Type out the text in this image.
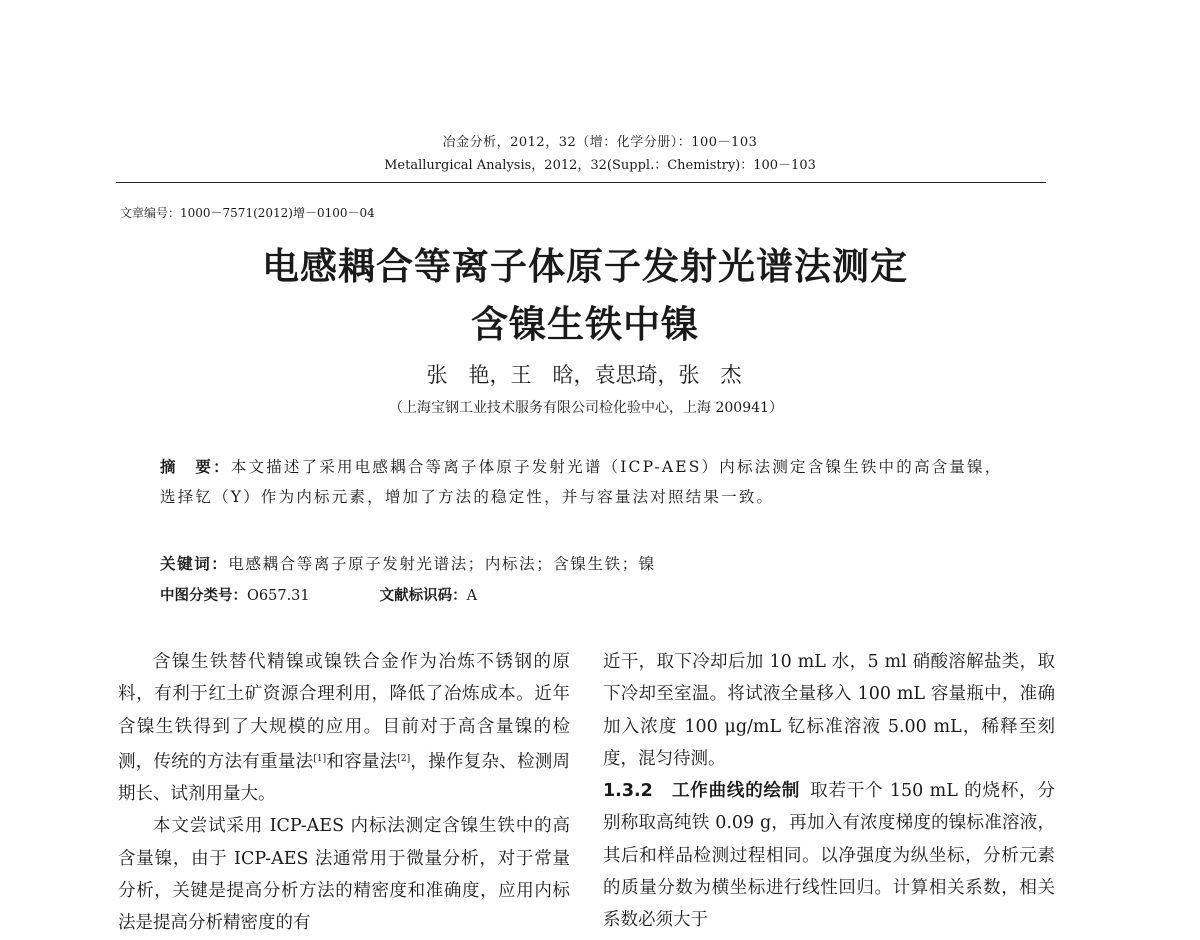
冶金分析，2012，32（增：化学分册）：100－103
Metallurgical Analysis，2012，32(Suppl.：Chemistry)：100－103
文章编号：1000－7571(2012)增－0100－04
电感耦合等离子体原子发射光谱法测定
含镍生铁中镍
张　艳，王　晗，袁思琦，张　杰
（上海宝钢工业技术服务有限公司检化验中心，上海 200941）
摘　要：本文描述了采用电感耦合等离子体原子发射光谱（ICP-AES）内标法测定含镍生铁中的高含量镍，选择钇（Y）作为内标元素，增加了方法的稳定性，并与容量法对照结果一致。
关键词：电感耦合等离子原子发射光谱法；内标法；含镍生铁；镍
中图分类号：O657.31	文献标识码：A

含镍生铁替代精镍或镍铁合金作为冶炼不锈钢的原料，有利于红土矿资源合理利用，降低了冶炼成本。近年含镍生铁得到了大规模的应用。目前对于高含量镍的检测，传统的方法有重量法[1]和容量法[2]，操作复杂、检测周期长、试剂用量大。

本文尝试采用 ICP-AES 内标法测定含镍生铁中的高含量镍，由于 ICP-AES 法通常用于微量分析，对于常量分析，关键是提高分析方法的精密度和准确度，应用内标法是提高分析精密度的有

近干，取下冷却后加 10 mL 水，5 ml 硝酸溶解盐类，取下冷却至室温。将试液全量移入 100 mL 容量瓶中，准确加入浓度 100 μg/mL 钇标准溶液 5.00 mL，稀释至刻度，混匀待测。

1.3.2　工作曲线的绘制 取若干个 150 mL 的烧杯，分别称取高纯铁 0.09 g，再加入有浓度梯度的镍标准溶液，其后和样品检测过程相同。以净强度为纵坐标，分析元素的质量分数为横坐标进行线性回归。计算相关系数，相关系数必须大于
